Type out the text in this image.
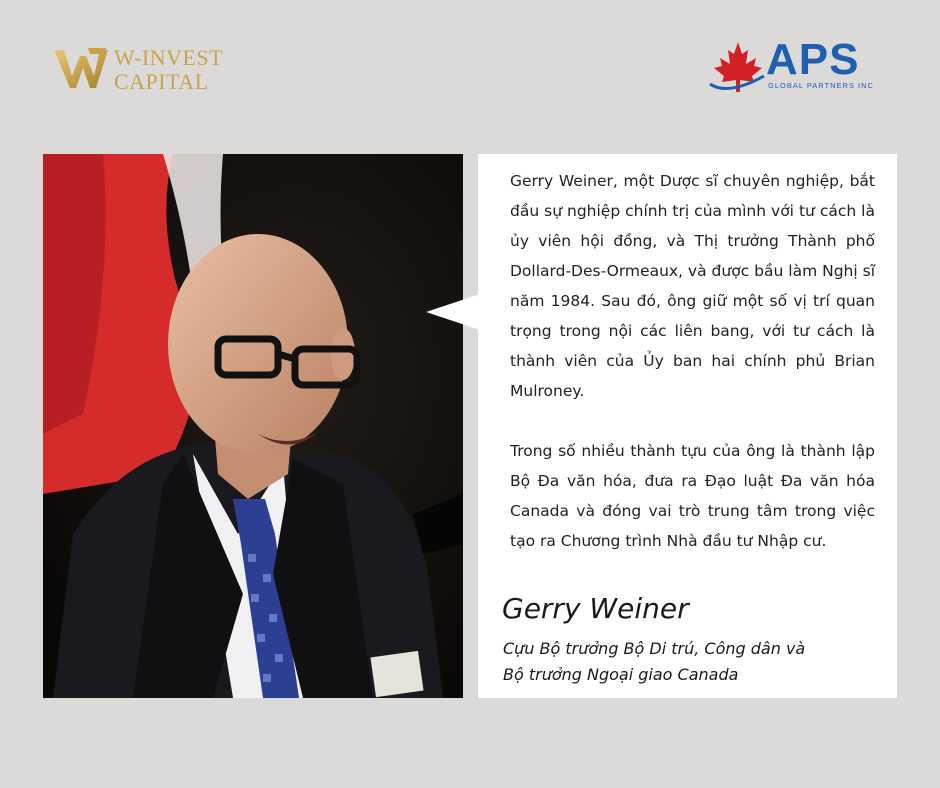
W-INVEST
CAPITAL	APS
GLOBAL PARTNERS INC

Gerry Weiner, một Dược sĩ chuyên nghiệp, bắt đầu sự nghiệp chính trị của mình với tư cách là ủy viên hội đồng, và Thị trưởng Thành phố Dollard-Des-Ormeaux, và được bầu làm Nghị sĩ năm 1984. Sau đó, ông giữ một số vị trí quan trọng trong nội các liên bang, với tư cách là thành viên của Ủy ban hai chính phủ Brian Mulroney.

Trong số nhiều thành tựu của ông là thành lập Bộ Đa văn hóa, đưa ra Đạo luật Đa văn hóa Canada và đóng vai trò trung tâm trong việc tạo ra Chương trình Nhà đầu tư Nhập cư.

Gerry Weiner
Cựu Bộ trưởng Bộ Di trú, Công dân và
Bộ trưởng Ngoại giao Canada
